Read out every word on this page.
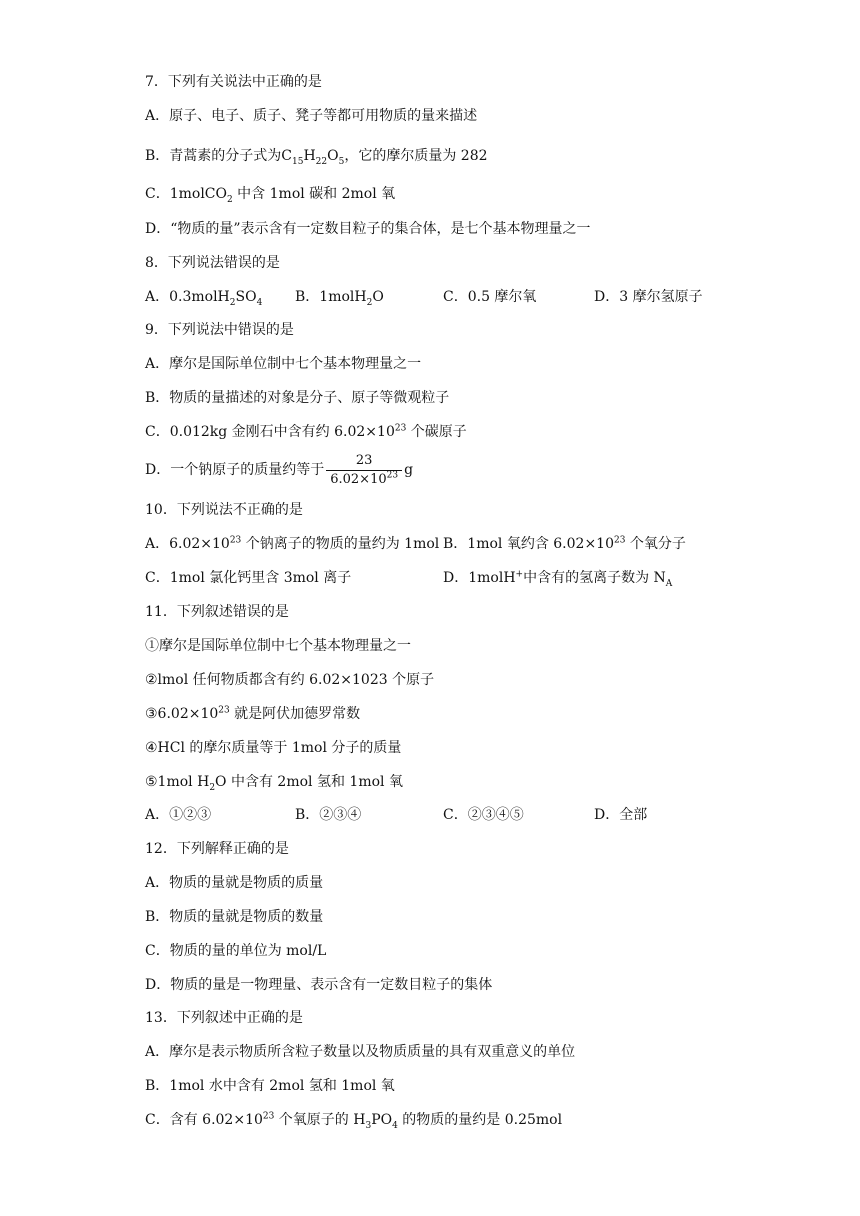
7．下列有关说法中正确的是
A．原子、电子、质子、凳子等都可用物质的量来描述
B．青蒿素的分子式为$C_{15}H_{22}O_5$，它的摩尔质量为 282
C．1molCO$_2$ 中含 1mol 碳和 2mol 氧
D．“物质的量”表示含有一定数目粒子的集合体，是七个基本物理量之一
8．下列说法错误的是
A．$0.3molH_2SO_4$ B．1molH$_2$O	C．0.5 摩尔氧	D．3 摩尔氢原子
9．下列说法中错误的是
A．摩尔是国际单位制中七个基本物理量之一
B．物质的量描述的对象是分子、原子等微观粒子
C．0.012kg 金刚石中含有约 $6.02\times 10^{23}$ 个碳原子
D．一个钠原子的质量约等于 $\frac{23}{6.02\times 10^{23}}$ g
10．下列说法不正确的是
A．$6.02\times 10^{23}$ 个钠离子的物质的量约为 1mol B．1mol 氧约含 $6.02\times 10^{23}$ 个氧分子
C．1mol 氯化钙里含 3mol 离子	D．1molH+中含有的氢离子数为 $N_A$
11．下列叙述错误的是
①摩尔是国际单位制中七个基本物理量之一
②lmol 任何物质都含有约 6.02×1023 个原子
$③6.02\times 10^{23}$ 就是阿伏加德罗常数
④HCl 的摩尔质量等于 1mol 分子的质量
⑤1mol $H_2O$ 中含有 2mol 氢和 1mol 氧
A．①②③	B．②③④	C．②③④⑤	D．全部
12．下列解释正确的是
A．物质的量就是物质的质量
B．物质的量就是物质的数量
C．物质的量的单位为 mol/L
D．物质的量是一物理量、表示含有一定数目粒子的集体
13．下列叙述中正确的是
A．摩尔是表示物质所含粒子数量以及物质质量的具有双重意义的单位
B．1mol 水中含有 2mol 氢和 1mol 氧
C．含有 $6.02\times 10^{23}$ 个氧原子的 $H_3PO_4$ 的物质的量约是 0.25mol
